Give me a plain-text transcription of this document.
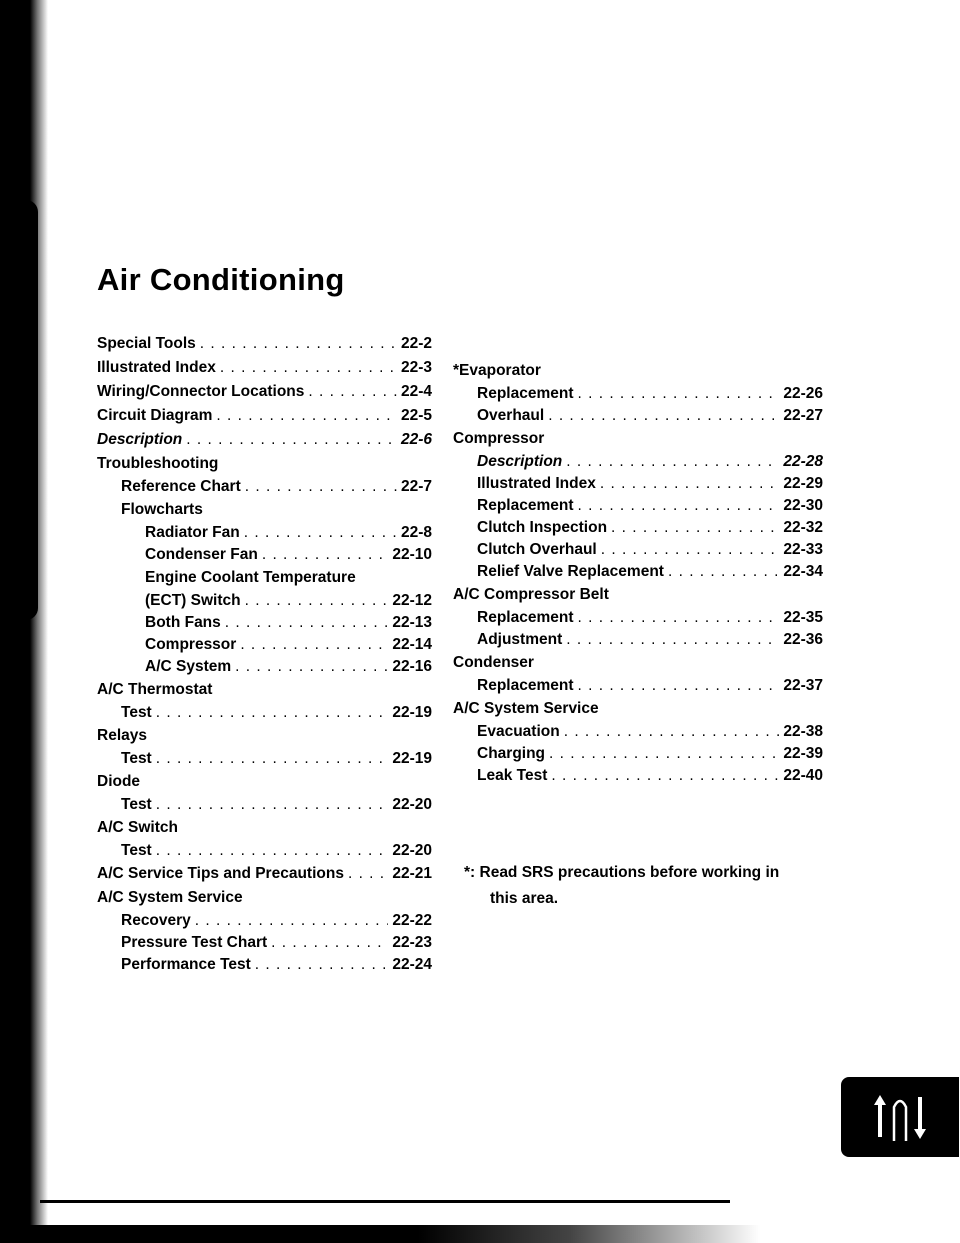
Air Conditioning
Special Tools . . .	22-2
Illustrated Index . . .	22-3
Wiring/Connector Locations . . .	22-4
Circuit Diagram . . .	22-5
Description . . .	22-6
Troubleshooting
Reference Chart . . .	22-7
Flowcharts
Radiator Fan . . .	22-8
Condenser Fan . . .	22-10
Engine Coolant Temperature
(ECT) Switch . . .	22-12
Both Fans . . .	22-13
Compressor . . .	22-14
A/C System . . .	22-16
A/C Thermostat
Test . . .	22-19
Relays
Test . . .	22-19
Diode
Test . . .	22-20
A/C Switch
Test . . .	22-20
A/C Service Tips and Precautions . . .	22-21
A/C System Service
Recovery . . .	22-22
Pressure Test Chart . . .	22-23
Performance Test . . .	22-24
*Evaporator
Replacement . . .	22-26
Overhaul . . .	22-27
Compressor
Description . . .	22-28
Illustrated Index . . .	22-29
Replacement . . .	22-30
Clutch Inspection . . .	22-32
Clutch Overhaul . . .	22-33
Relief Valve Replacement . . .	22-34
A/C Compressor Belt
Replacement . . .	22-35
Adjustment . . .	22-36
Condenser
Replacement . . .	22-37
A/C System Service
Evacuation . . .	22-38
Charging . . .	22-39
Leak Test . . .	22-40
*: Read SRS precautions before working in
this area.
